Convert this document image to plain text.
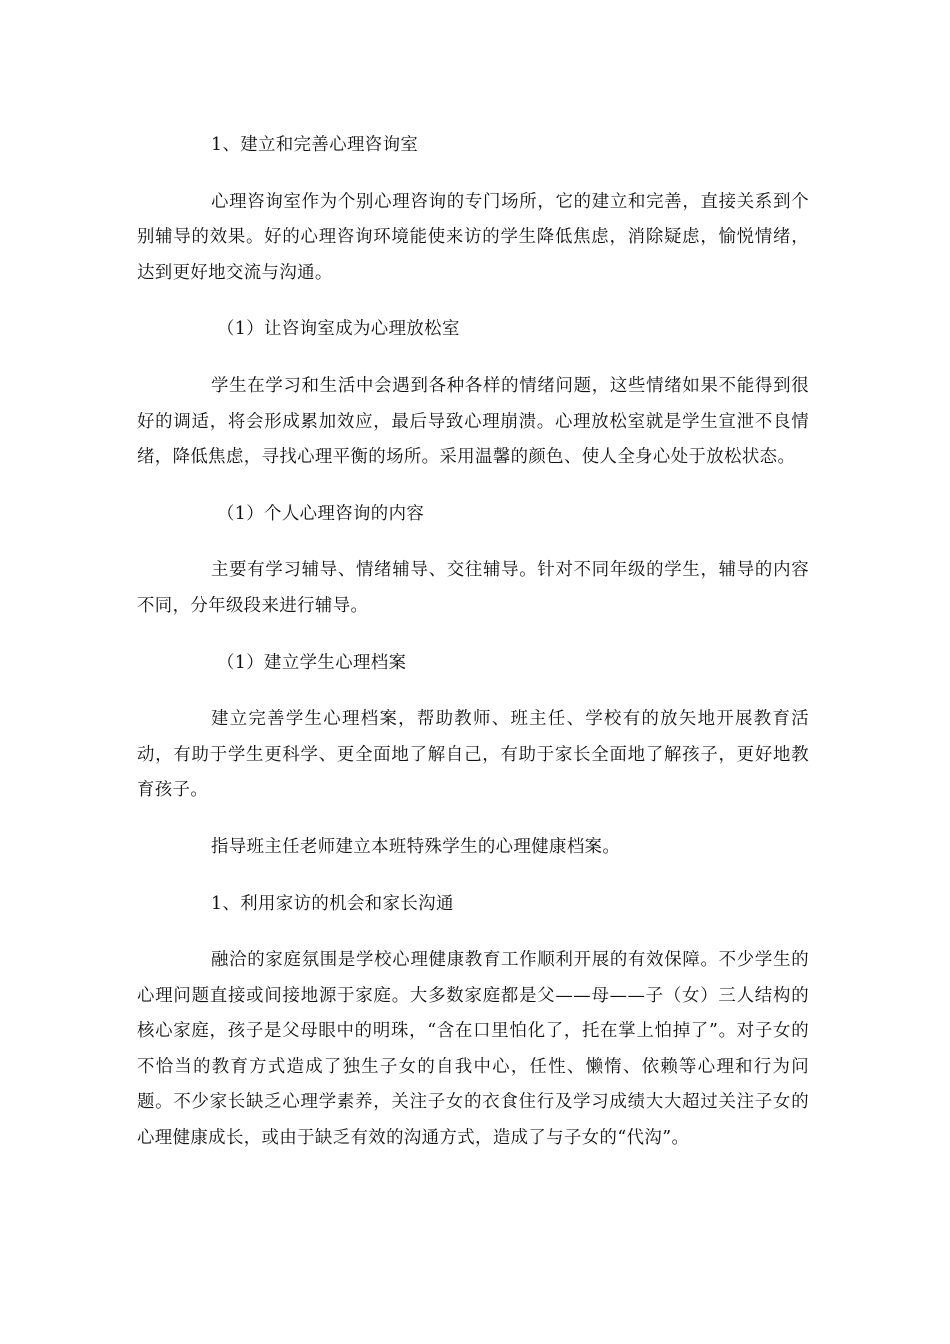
1、建立和完善心理咨询室

心理咨询室作为个别心理咨询的专门场所，它的建立和完善，直接关系到个别辅导的效果。好的心理咨询环境能使来访的学生降低焦虑，消除疑虑，愉悦情绪，达到更好地交流与沟通。

（1）让咨询室成为心理放松室

学生在学习和生活中会遇到各种各样的情绪问题，这些情绪如果不能得到很好的调适，将会形成累加效应，最后导致心理崩溃。心理放松室就是学生宣泄不良情绪，降低焦虑，寻找心理平衡的场所。采用温馨的颜色、使人全身心处于放松状态。

（1）个人心理咨询的内容

主要有学习辅导、情绪辅导、交往辅导。针对不同年级的学生，辅导的内容不同，分年级段来进行辅导。

（1）建立学生心理档案

建立完善学生心理档案，帮助教师、班主任、学校有的放矢地开展教育活动，有助于学生更科学、更全面地了解自己，有助于家长全面地了解孩子，更好地教育孩子。

指导班主任老师建立本班特殊学生的心理健康档案。

1、利用家访的机会和家长沟通

融洽的家庭氛围是学校心理健康教育工作顺利开展的有效保障。不少学生的心理问题直接或间接地源于家庭。大多数家庭都是父——母——子（女）三人结构的核心家庭，孩子是父母眼中的明珠，“含在口里怕化了，托在掌上怕掉了”。对子女的不恰当的教育方式造成了独生子女的自我中心，任性、懒惰、依赖等心理和行为问题。不少家长缺乏心理学素养，关注子女的衣食住行及学习成绩大大超过关注子女的心理健康成长，或由于缺乏有效的沟通方式，造成了与子女的“代沟”。
